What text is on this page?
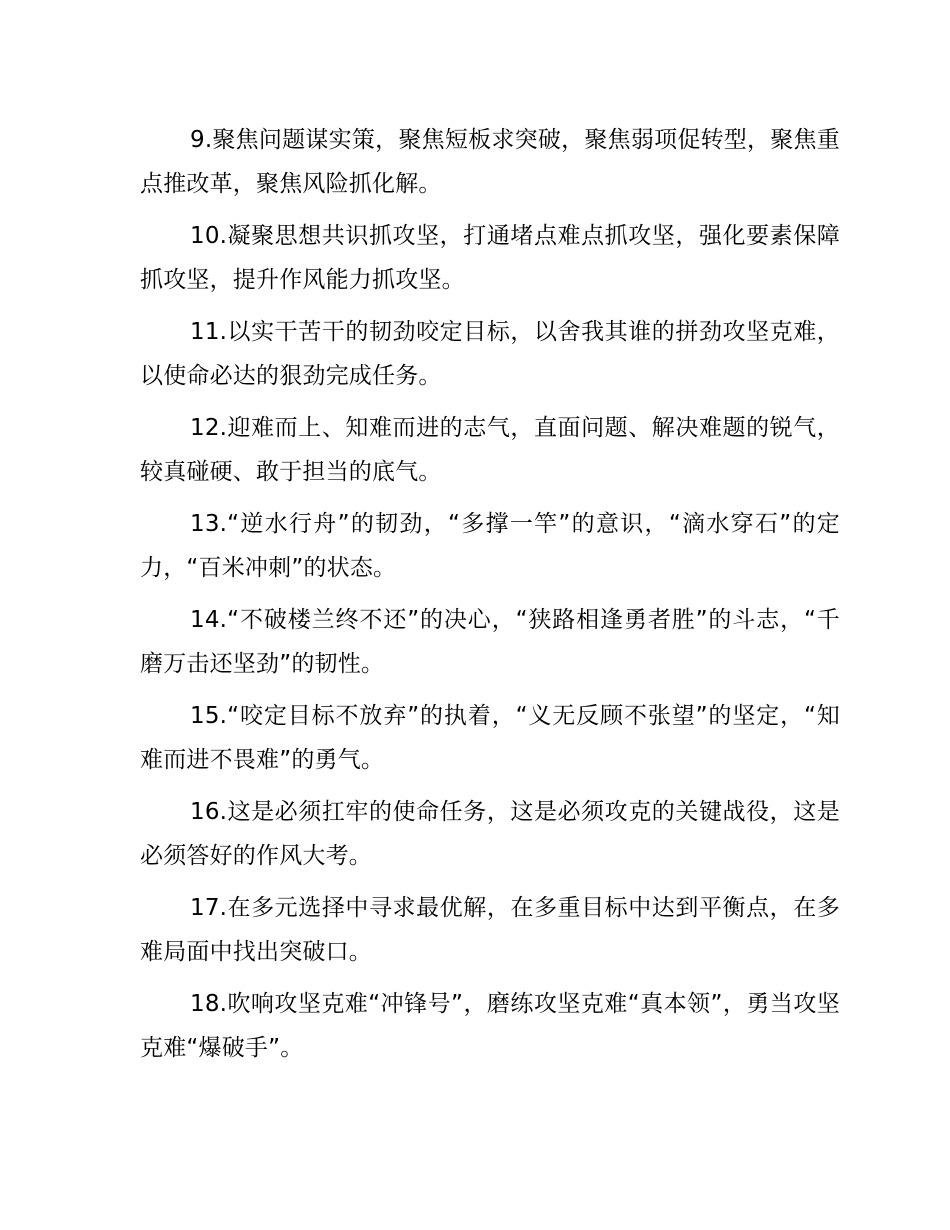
9.聚焦问题谋实策，聚焦短板求突破，聚焦弱项促转型，聚焦重点推改革，聚焦风险抓化解。

10.凝聚思想共识抓攻坚，打通堵点难点抓攻坚，强化要素保障抓攻坚，提升作风能力抓攻坚。

11.以实干苦干的韧劲咬定目标，以舍我其谁的拼劲攻坚克难，以使命必达的狠劲完成任务。

12.迎难而上、知难而进的志气，直面问题、解决难题的锐气，较真碰硬、敢于担当的底气。

13.“逆水行舟”的韧劲，“多撑一竿”的意识，“滴水穿石”的定力，“百米冲刺”的状态。

14.“不破楼兰终不还”的决心，“狭路相逢勇者胜”的斗志，“千磨万击还坚劲”的韧性。

15.“咬定目标不放弃”的执着，“义无反顾不张望”的坚定，“知难而进不畏难”的勇气。

16.这是必须扛牢的使命任务，这是必须攻克的关键战役，这是必须答好的作风大考。

17.在多元选择中寻求最优解，在多重目标中达到平衡点，在多难局面中找出突破口。

18.吹响攻坚克难“冲锋号”，磨练攻坚克难“真本领”，勇当攻坚克难“爆破手”。
